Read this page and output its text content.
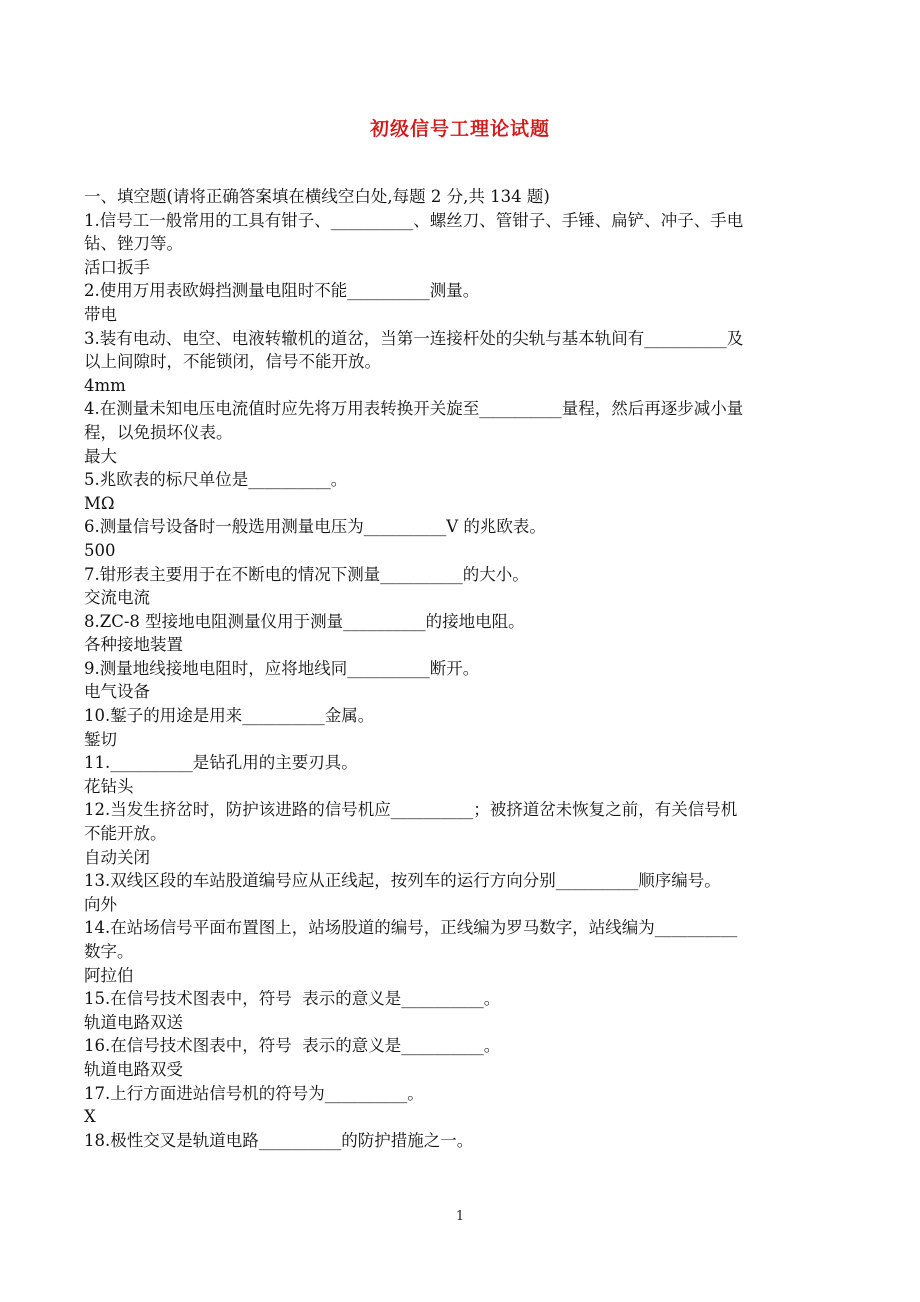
初级信号工理论试题

一、填空题(请将正确答案填在横线空白处,每题 2 分,共 134 题)

1.信号工一般常用的工具有钳子、__________、螺丝刀、管钳子、手锤、扁铲、冲子、手电

钻、锉刀等。

活口扳手

2.使用万用表欧姆挡测量电阻时不能__________测量。

带电

3.装有电动、电空、电液转辙机的道岔，当第一连接杆处的尖轨与基本轨间有__________及

以上间隙时，不能锁闭，信号不能开放。

4mm

4.在测量未知电压电流值时应先将万用表转换开关旋至__________量程，然后再逐步减小量

程，以免损坏仪表。

最大

5.兆欧表的标尺单位是__________。

MΩ

6.测量信号设备时一般选用测量电压为__________V 的兆欧表。

500

7.钳形表主要用于在不断电的情况下测量__________的大小。

交流电流

8.ZC-8 型接地电阻测量仪用于测量__________的接地电阻。

各种接地装置

9.测量地线接地电阻时，应将地线同__________断开。

电气设备

10.錾子的用途是用来__________金属。

錾切

11.__________是钻孔用的主要刃具。

花钻头

12.当发生挤岔时，防护该进路的信号机应__________；被挤道岔未恢复之前，有关信号机

不能开放。

自动关闭

13.双线区段的车站股道编号应从正线起，按列车的运行方向分别__________顺序编号。

向外

14.在站场信号平面布置图上，站场股道的编号，正线编为罗马数字，站线编为__________

数字。

阿拉伯

15.在信号技术图表中，符号  表示的意义是__________。

轨道电路双送

16.在信号技术图表中，符号  表示的意义是__________。

轨道电路双受

17.上行方面进站信号机的符号为__________。

X

18.极性交叉是轨道电路__________的防护措施之一。

1
